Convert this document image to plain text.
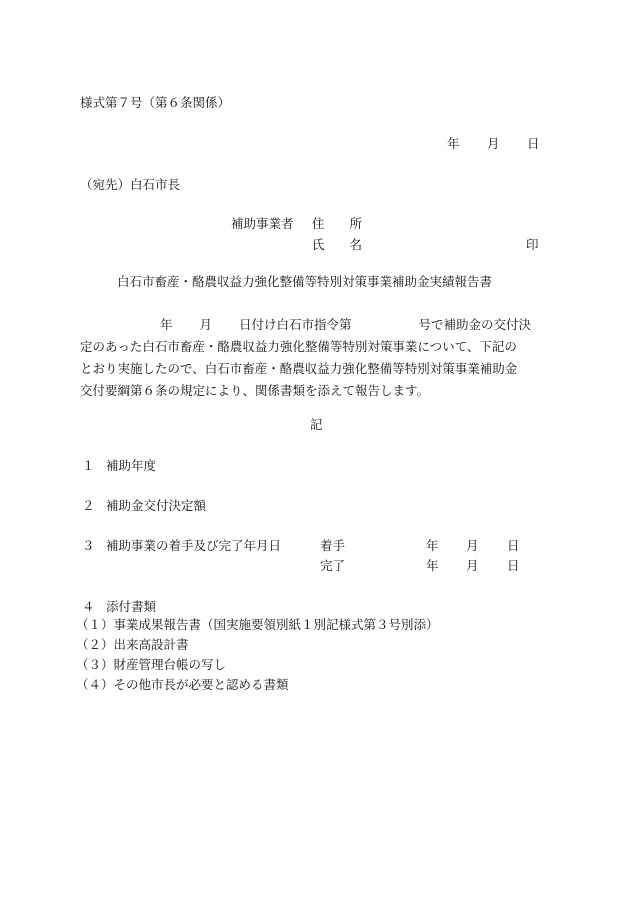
様式第７号（第６条関係）
年 月 日
（宛先）白石市長
補助事業者 住　　所
氏　　名	印
白石市畜産・酪農収益力強化整備等特別対策事業補助金実績報告書
年 月 日付け白石市指令第	号で補助金の交付決
定のあった白石市畜産・酪農収益力強化整備等特別対策事業について、下記の
とおり実施したので、白石市畜産・酪農収益力強化整備等特別対策事業補助金
交付要綱第６条の規定により、関係書類を添えて報告します。
記
１ 補助年度
２ 補助金交付決定額
３ 補助事業の着手及び完了年月日	着手	年 月 日
完了	年 月 日
４ 添付書類
（１）事業成果報告書（国実施要領別紙１別記様式第３号別添）
（２）出来高設計書
（３）財産管理台帳の写し
（４）その他市長が必要と認める書類
